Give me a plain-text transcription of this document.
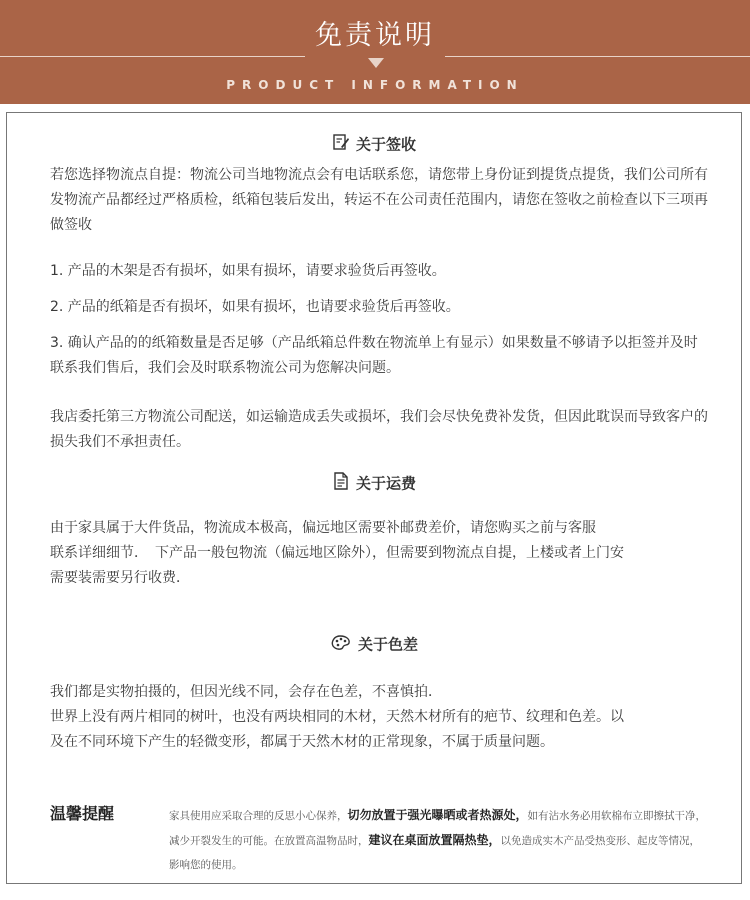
免责说明
PRODUCT INFORMATION
关于签收
若您选择物流点自提：物流公司当地物流点会有电话联系您，请您带上身份证到提货点提货，我们公司所有发物流产品都经过严格质检，纸箱包装后发出，转运不在公司责任范围内，请您在签收之前检查以下三项再做签收
1. 产品的木架是否有损坏，如果有损坏，请要求验货后再签收。
2. 产品的纸箱是否有损坏，如果有损坏，也请要求验货后再签收。
3. 确认产品的的纸箱数量是否足够（产品纸箱总件数在物流单上有显示）如果数量不够请予以拒签并及时联系我们售后，我们会及时联系物流公司为您解决问题。
我店委托第三方物流公司配送，如运输造成丢失或损坏，我们会尽快免费补发货，但因此耽误而导致客户的损失我们不承担责任。
关于运费
由于家具属于大件货品，物流成本极高，偏远地区需要补邮费差价，请您购买之前与客服
联系详细细节．　下产品一般包物流（偏远地区除外），但需要到物流点自提，上楼或者上门安
需要装需要另行收费．
关于色差
我们都是实物拍摄的，但因光线不同，会存在色差，不喜慎拍．
世界上没有两片相同的树叶，也没有两块相同的木材，天然木材所有的疤节、纹理和色差。以
及在不同环境下产生的轻微变形，都属于天然木材的正常现象，不属于质量问题。
温馨提醒	家具使用应采取合理的反思小心保养，切勿放置于强光曝晒或者热源处，如有沾水务必用软棉布立即擦拭干净，减少开裂发生的可能。在放置高温物品时，建议在桌面放置隔热垫，以免造成实木产品受热变形、起皮等情况，影响您的使用。
